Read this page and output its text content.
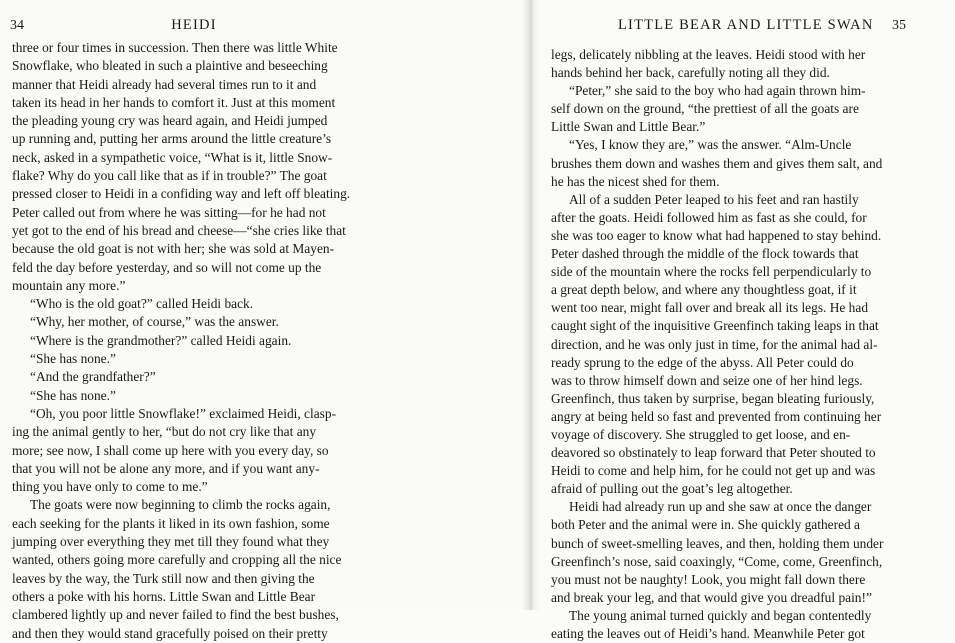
34	HEIDI
three or four times in succession. Then there was little White
Snowflake, who bleated in such a plaintive and beseeching
manner that Heidi already had several times run to it and
taken its head in her hands to comfort it. Just at this moment
the pleading young cry was heard again, and Heidi jumped
up running and, putting her arms around the little creature’s
neck, asked in a sympathetic voice, “What is it, little Snow-
flake? Why do you call like that as if in trouble?” The goat
pressed closer to Heidi in a confiding way and left off bleating.
Peter called out from where he was sitting—for he had not
yet got to the end of his bread and cheese—“she cries like that
because the old goat is not with her; she was sold at Mayen-
feld the day before yesterday, and so will not come up the
mountain any more.”
“Who is the old goat?” called Heidi back.
“Why, her mother, of course,” was the answer.
“Where is the grandmother?” called Heidi again.
“She has none.”
“And the grandfather?”
“She has none.”
“Oh, you poor little Snowflake!” exclaimed Heidi, clasp-
ing the animal gently to her, “but do not cry like that any
more; see now, I shall come up here with you every day, so
that you will not be alone any more, and if you want any-
thing you have only to come to me.”
The goats were now beginning to climb the rocks again,
each seeking for the plants it liked in its own fashion, some
jumping over everything they met till they found what they
wanted, others going more carefully and cropping all the nice
leaves by the way, the Turk still now and then giving the
others a poke with his horns. Little Swan and Little Bear
clambered lightly up and never failed to find the best bushes,
and then they would stand gracefully poised on their pretty
LITTLE BEAR AND LITTLE SWAN 35
legs, delicately nibbling at the leaves. Heidi stood with her
hands behind her back, carefully noting all they did.
“Peter,” she said to the boy who had again thrown him-
self down on the ground, “the prettiest of all the goats are
Little Swan and Little Bear.”
“Yes, I know they are,” was the answer. “Alm-Uncle
brushes them down and washes them and gives them salt, and
he has the nicest shed for them.
All of a sudden Peter leaped to his feet and ran hastily
after the goats. Heidi followed him as fast as she could, for
she was too eager to know what had happened to stay behind.
Peter dashed through the middle of the flock towards that
side of the mountain where the rocks fell perpendicularly to
a great depth below, and where any thoughtless goat, if it
went too near, might fall over and break all its legs. He had
caught sight of the inquisitive Greenfinch taking leaps in that
direction, and he was only just in time, for the animal had al-
ready sprung to the edge of the abyss. All Peter could do
was to throw himself down and seize one of her hind legs.
Greenfinch, thus taken by surprise, began bleating furiously,
angry at being held so fast and prevented from continuing her
voyage of discovery. She struggled to get loose, and en-
deavored so obstinately to leap forward that Peter shouted to
Heidi to come and help him, for he could not get up and was
afraid of pulling out the goat’s leg altogether.
Heidi had already run up and she saw at once the danger
both Peter and the animal were in. She quickly gathered a
bunch of sweet-smelling leaves, and then, holding them under
Greenfinch’s nose, said coaxingly, “Come, come, Greenfinch,
you must not be naughty! Look, you might fall down there
and break your leg, and that would give you dreadful pain!”
The young animal turned quickly and began contentedly
eating the leaves out of Heidi’s hand. Meanwhile Peter got
